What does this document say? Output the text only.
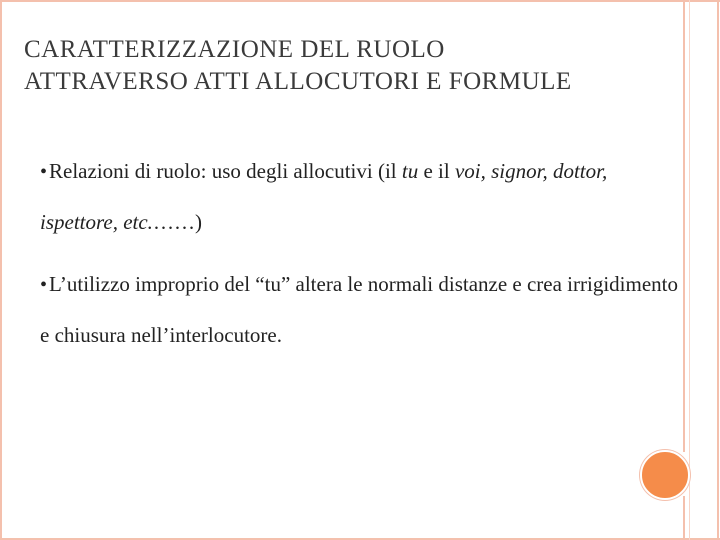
CARATTERIZZAZIONE DEL RUOLO
ATTRAVERSO ATTI ALLOCUTORI E FORMULE

•Relazioni di ruolo: uso degli allocutivi (il tu e il voi, signor, dottor, ispettore, etc.……)

•L’utilizzo improprio del “tu” altera le normali distanze e crea irrigidimento e chiusura nell’interlocutore.
